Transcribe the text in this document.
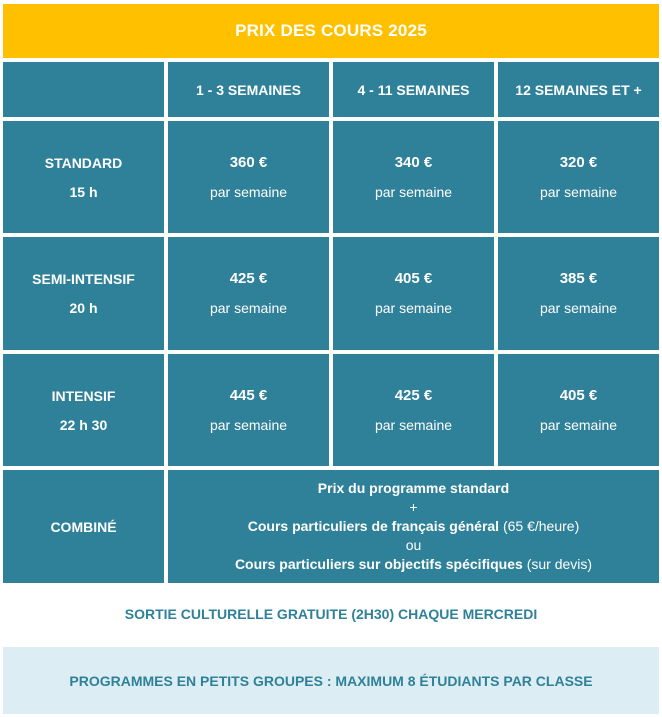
PRIX DES COURS 2025
1 - 3 SEMAINES	4 - 11 SEMAINES	12 SEMAINES ET +
STANDARD
15 h
360 €
par semaine
340 €
par semaine
320 €
par semaine
SEMI-INTENSIF
20 h
425 €
par semaine
405 €
par semaine
385 €
par semaine
INTENSIF
22 h 30
445 €
par semaine
425 €
par semaine
405 €
par semaine
COMBINÉ
Prix du programme standard
+
Cours particuliers de français général (65 €/heure)
ou
Cours particuliers sur objectifs spécifiques (sur devis)
SORTIE CULTURELLE GRATUITE (2H30) CHAQUE MERCREDI
PROGRAMMES EN PETITS GROUPES : MAXIMUM 8 ÉTUDIANTS PAR CLASSE
